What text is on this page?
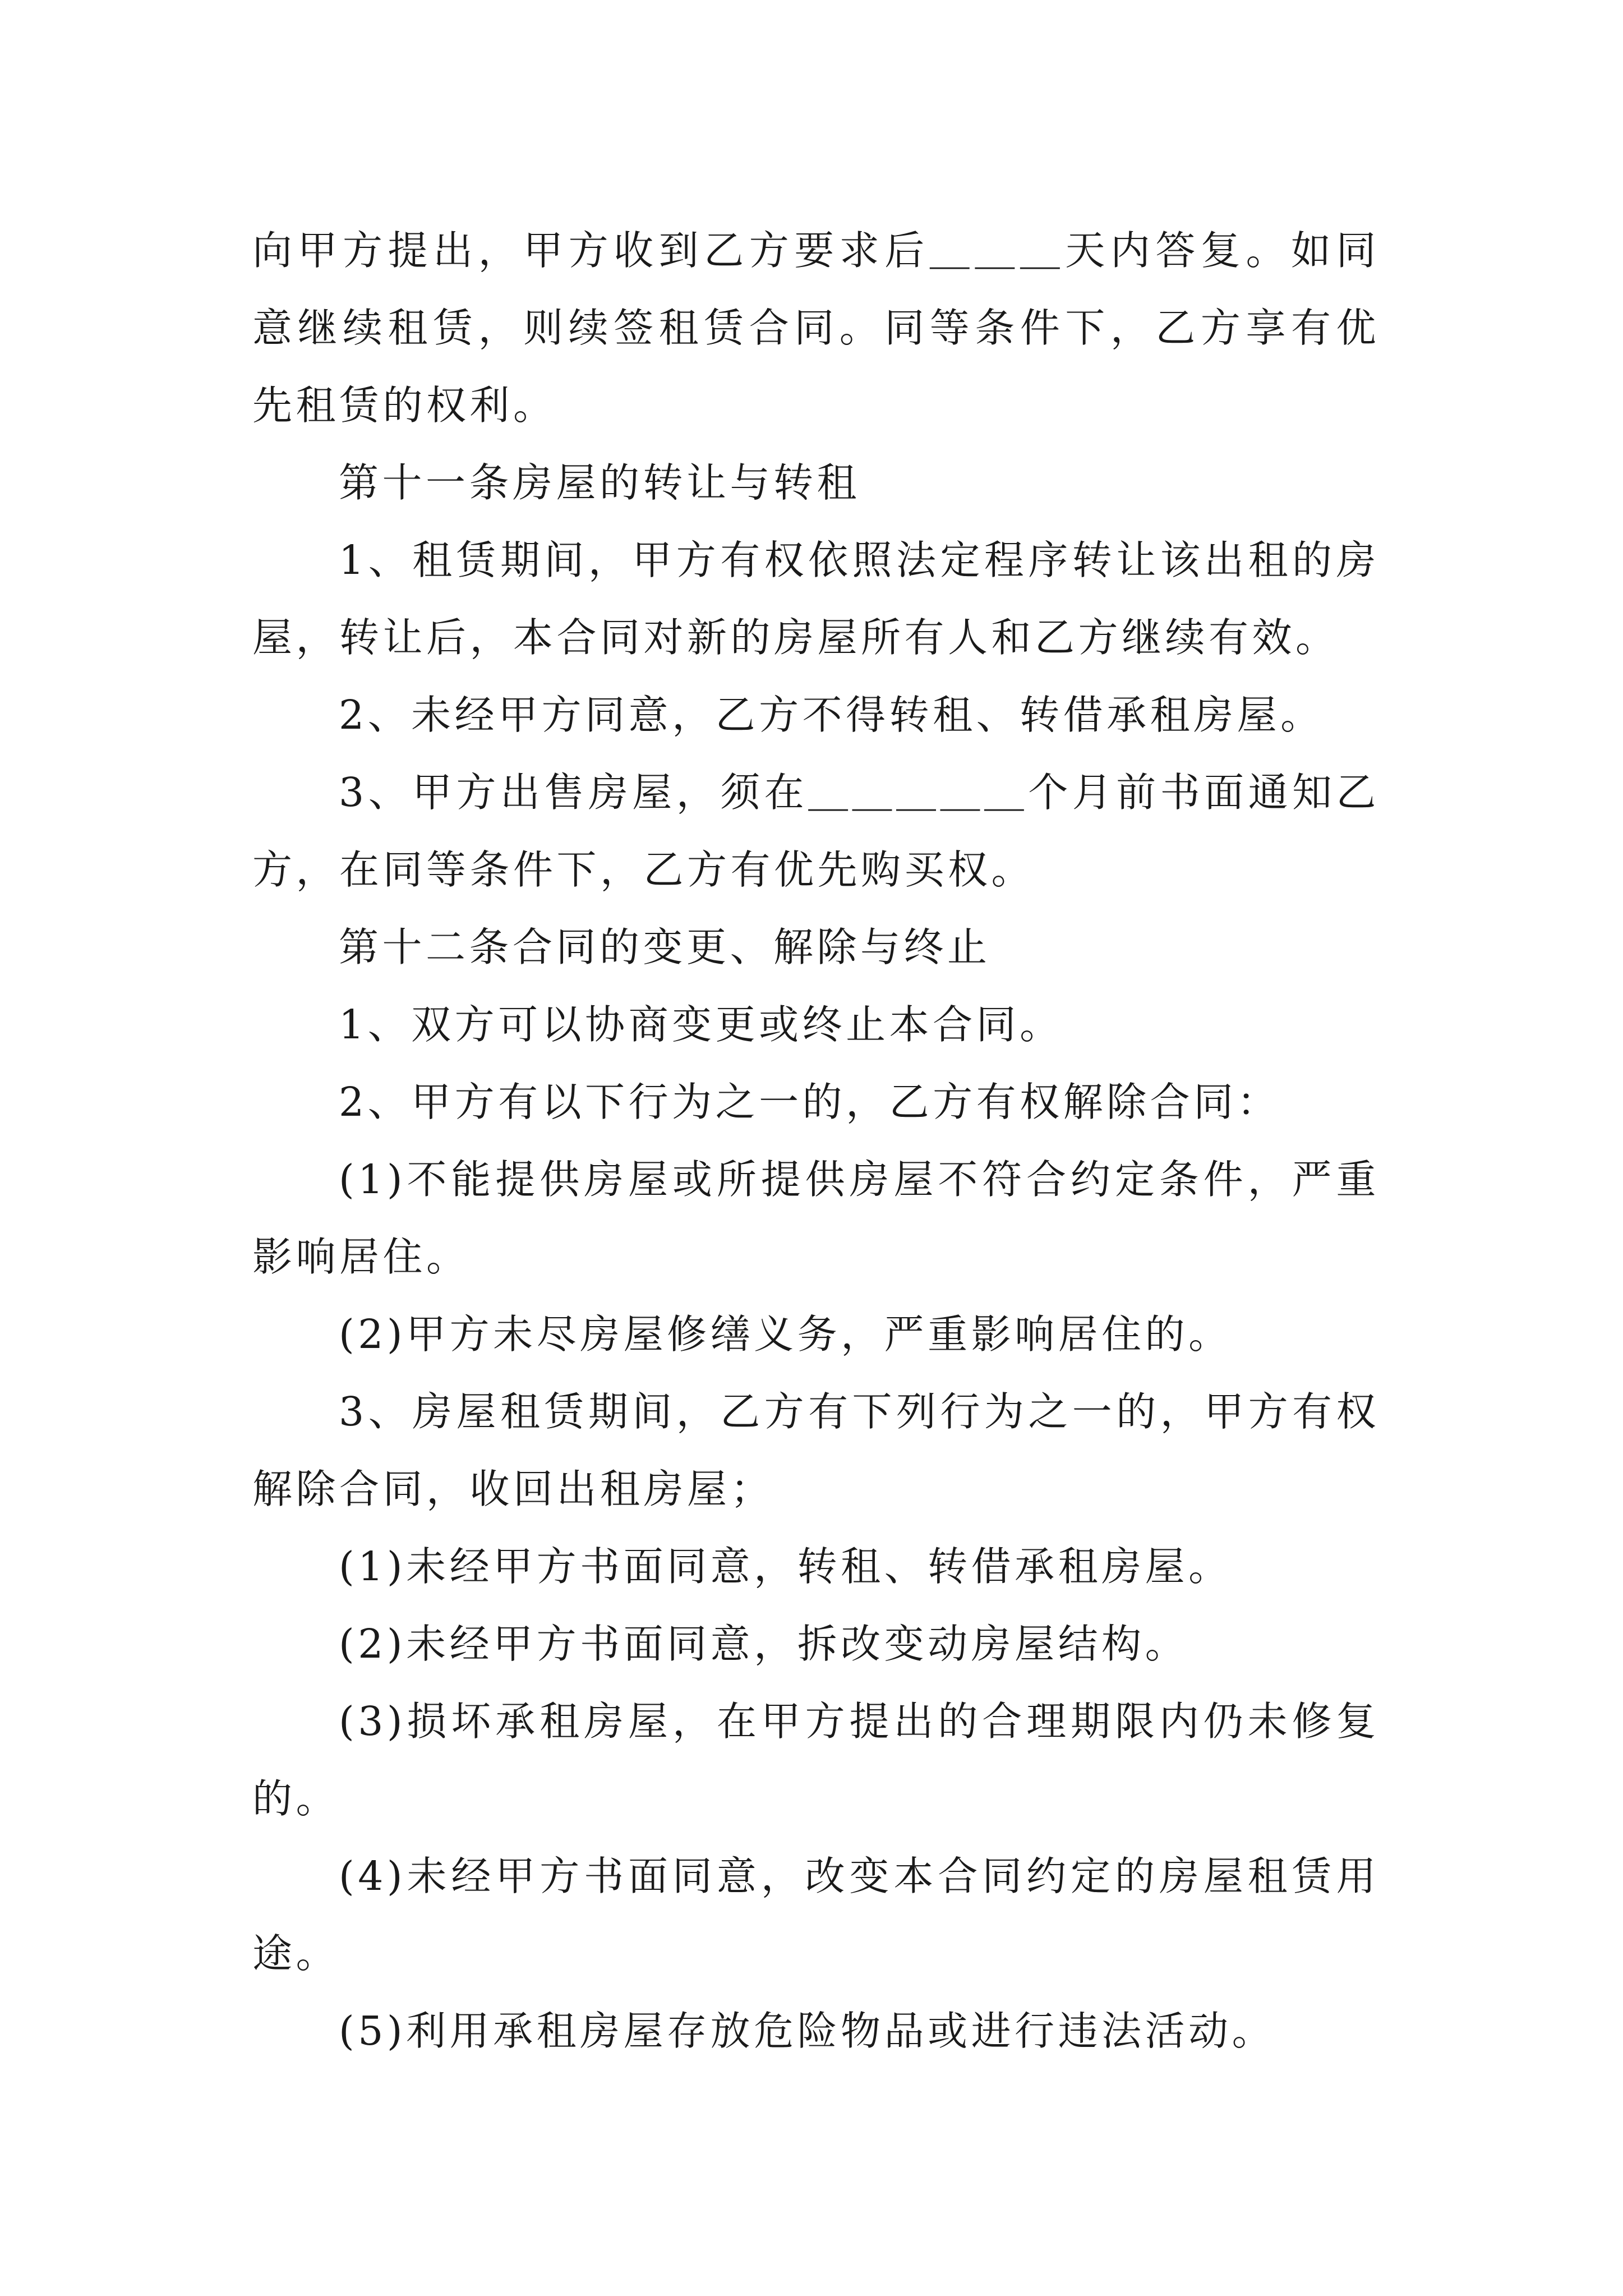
向甲方提出，甲方收到乙方要求后＿＿＿天内答复。如同意继续租赁，则续签租赁合同。同等条件下，乙方享有优先租赁的权利。

第十一条房屋的转让与转租

1、租赁期间，甲方有权依照法定程序转让该出租的房屋，转让后，本合同对新的房屋所有人和乙方继续有效。

2、未经甲方同意，乙方不得转租、转借承租房屋。

3、甲方出售房屋，须在＿＿＿＿＿个月前书面通知乙方，在同等条件下，乙方有优先购买权。

第十二条合同的变更、解除与终止

1、双方可以协商变更或终止本合同。

2、甲方有以下行为之一的，乙方有权解除合同：

(1)不能提供房屋或所提供房屋不符合约定条件，严重影响居住。

(2)甲方未尽房屋修缮义务，严重影响居住的。

3、房屋租赁期间，乙方有下列行为之一的，甲方有权解除合同，收回出租房屋；

(1)未经甲方书面同意，转租、转借承租房屋。

(2)未经甲方书面同意，拆改变动房屋结构。

(3)损坏承租房屋，在甲方提出的合理期限内仍未修复的。

(4)未经甲方书面同意，改变本合同约定的房屋租赁用途。

(5)利用承租房屋存放危险物品或进行违法活动。
